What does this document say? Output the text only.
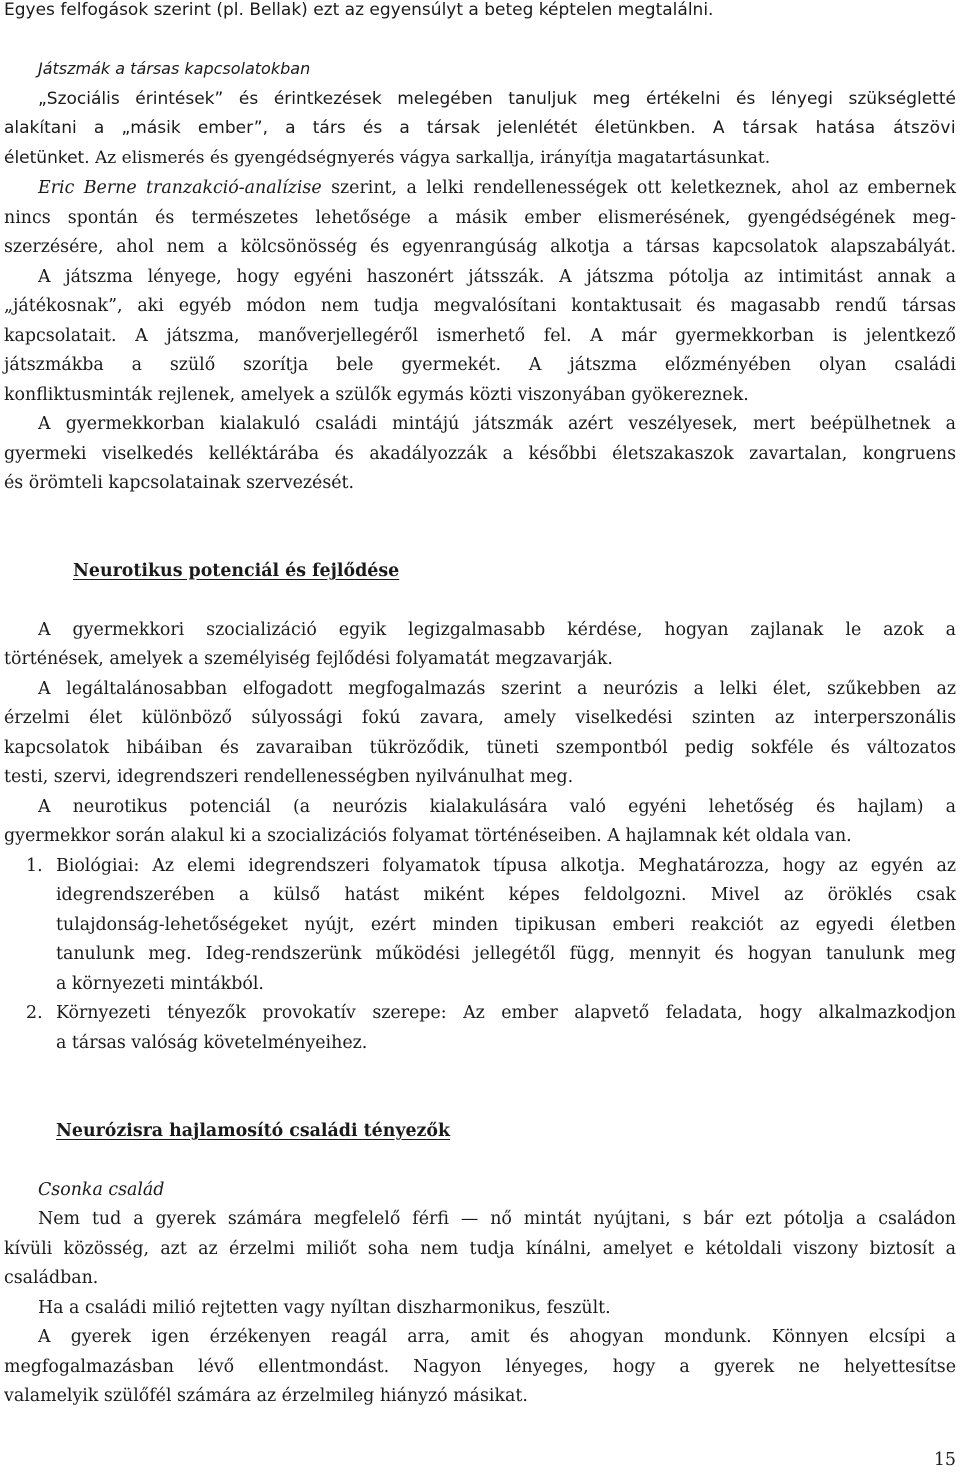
Egyes felfogások szerint (pl. Bellak) ezt az egyensúlyt a beteg képtelen megtalálni.
Játszmák a társas kapcsolatokban
„Szociális érintések” és érintkezések melegében tanuljuk meg értékelni és lényegi szükségletté
alakítani a „másik ember”, a társ és a társak jelenlétét életünkben. A társak hatása átszövi
életünket. Az elismerés és gyengédségnyerés vágya sarkallja, irányítja magatartásunkat.
Eric Berne tranzakció-analízise szerint, a lelki rendellenességek ott keletkeznek, ahol az embernek
nincs spontán és természetes lehetősége a másik ember elismerésének, gyengédségének meg-
szerzésére, ahol nem a kölcsönösség és egyenrangúság alkotja a társas kapcsolatok alapszabályát.
A játszma lényege, hogy egyéni haszonért játsszák. A játszma pótolja az intimitást annak a
„játékosnak”, aki egyéb módon nem tudja megvalósítani kontaktusait és magasabb rendű társas
kapcsolatait. A játszma, manőverjellegéről ismerhető fel. A már gyermekkorban is jelentkező
játszmákba a szülő szorítja bele gyermekét. A játszma előzményében olyan családi
konfliktusminták rejlenek, amelyek a szülők egymás közti viszonyában gyökereznek.
A gyermekkorban kialakuló családi mintájú játszmák azért veszélyesek, mert beépülhetnek a
gyermeki viselkedés kelléktárába és akadályozzák a későbbi életszakaszok zavartalan, kongruens
és örömteli kapcsolatainak szervezését.
Neurotikus potenciál és fejlődése
A gyermekkori szocializáció egyik legizgalmasabb kérdése, hogyan zajlanak le azok a
történések, amelyek a személyiség fejlődési folyamatát megzavarják.
A legáltalánosabban elfogadott megfogalmazás szerint a neurózis a lelki élet, szűkebben az
érzelmi élet különböző súlyossági fokú zavara, amely viselkedési szinten az interperszonális
kapcsolatok hibáiban és zavaraiban tükröződik, tüneti szempontból pedig sokféle és változatos
testi, szervi, idegrendszeri rendellenességben nyilvánulhat meg.
A neurotikus potenciál (a neurózis kialakulására való egyéni lehetőség és hajlam) a
gyermekkor során alakul ki a szocializációs folyamat történéseiben. A hajlamnak két oldala van.
1. Biológiai: Az elemi idegrendszeri folyamatok típusa alkotja. Meghatározza, hogy az egyén az
idegrendszerében a külső hatást miként képes feldolgozni. Mivel az öröklés csak
tulajdonság-lehetőségeket nyújt, ezért minden tipikusan emberi reakciót az egyedi életben
tanulunk meg. Ideg-rendszerünk működési jellegétől függ, mennyit és hogyan tanulunk meg
a környezeti mintákból.
2. Környezeti tényezők provokatív szerepe: Az ember alapvető feladata, hogy alkalmazkodjon
a társas valóság követelményeihez.
Neurózisra hajlamosító családi tényezők
Csonka család
Nem tud a gyerek számára megfelelő férfi — nő mintát nyújtani, s bár ezt pótolja a családon
kívüli közösség, azt az érzelmi miliőt soha nem tudja kínálni, amelyet e kétoldali viszony biztosít a
családban.
Ha a családi milió rejtetten vagy nyíltan diszharmonikus, feszült.
A gyerek igen érzékenyen reagál arra, amit és ahogyan mondunk. Könnyen elcsípi a
megfogalmazásban lévő ellentmondást. Nagyon lényeges, hogy a gyerek ne helyettesítse
valamelyik szülőfél számára az érzelmileg hiányzó másikat.
15
